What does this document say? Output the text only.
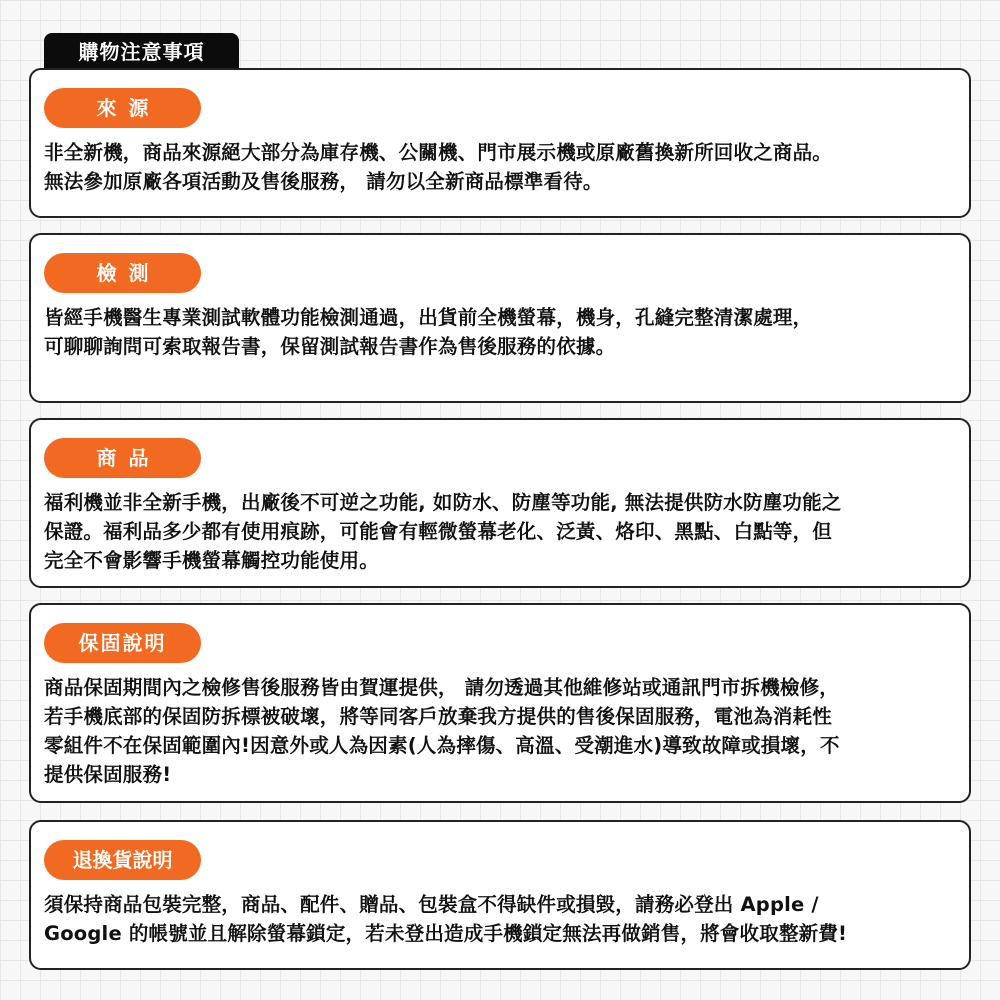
購物注意事項
來源
非全新機，商品來源絕大部分為庫存機、公關機、門市展示機或原廠舊換新所回收之商品。
無法參加原廠各項活動及售後服務， 請勿以全新商品標準看待。
檢測
皆經手機醫生專業測試軟體功能檢測通過，出貨前全機螢幕，機身，孔縫完整清潔處理，
可聊聊詢問可索取報告書，保留測試報告書作為售後服務的依據。
商品
福利機並非全新手機，出廠後不可逆之功能, 如防水、防塵等功能, 無法提供防水防塵功能之
保證。福利品多少都有使用痕跡，可能會有輕微螢幕老化、泛黃、烙印、黑點、白點等，但
完全不會影響手機螢幕觸控功能使用。
保固說明
商品保固期間內之檢修售後服務皆由賀運提供， 請勿透過其他維修站或通訊門市拆機檢修，
若手機底部的保固防拆標被破壞，將等同客戶放棄我方提供的售後保固服務，電池為消耗性
零組件不在保固範圍內!因意外或人為因素(人為摔傷、高溫、受潮進水)導致故障或損壞，不
提供保固服務!
退換貨說明
須保持商品包裝完整，商品、配件、贈品、包裝盒不得缺件或損毀，請務必登出 Apple /
Google 的帳號並且解除螢幕鎖定，若未登出造成手機鎖定無法再做銷售，將會收取整新費!
